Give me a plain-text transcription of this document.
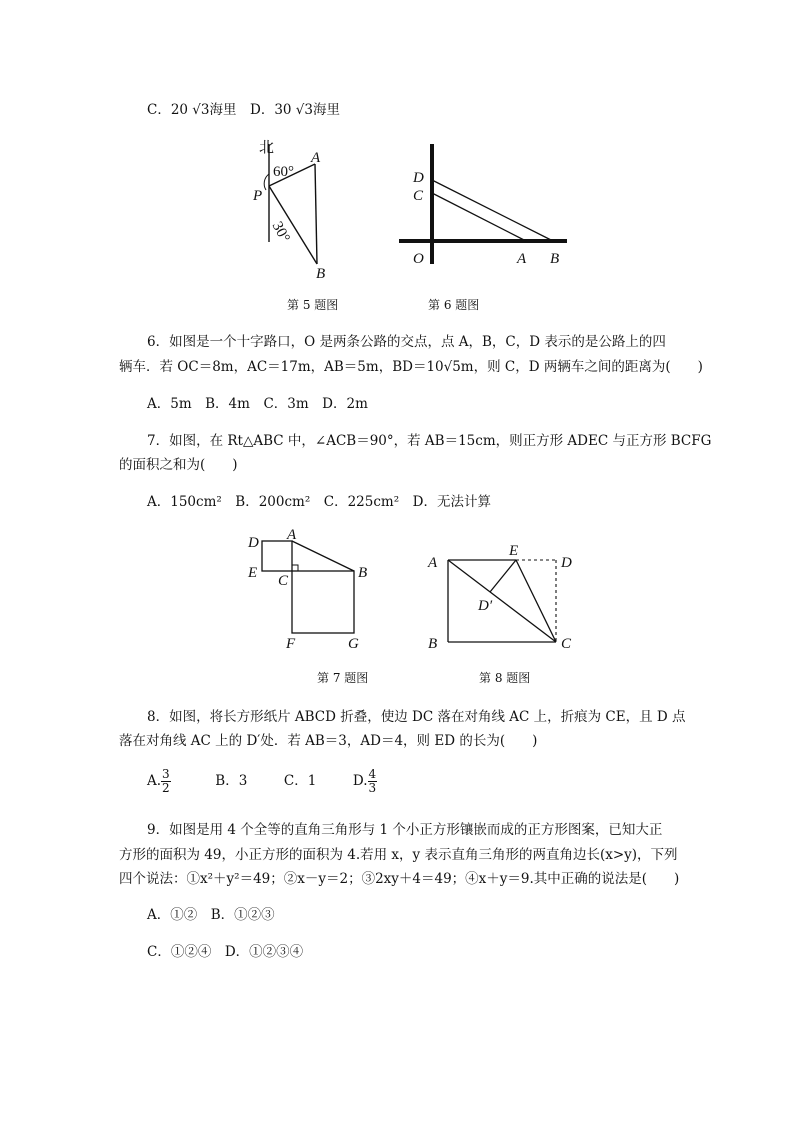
C．20 √3海里　D．30 √3海里
北
60°
30°
P
A
B
第 5 题图
D
C
O	A B
第 6 题图
6．如图是一个十字路口，O 是两条公路的交点，点 A，B，C，D 表示的是公路上的四
辆车．若 OC＝8m，AC＝17m，AB＝5m，BD＝10√5m，则 C，D 两辆车之间的距离为(　　)
A．5m　B．4m　C．3m　D．2m
7．如图，在 Rt△ABC 中，∠ACB＝90°，若 AB＝15cm，则正方形 ADEC 与正方形 BCFG
的面积之和为(　　)
A．150cm²　B．200cm²　C．225cm²　D．无法计算
A
B
C
D
E
F	G
第 7 题图
A
B	C
D
E
D′
第 8 题图
8．如图，将长方形纸片 ABCD 折叠，使边 DC 落在对角线 AC 上，折痕为 CE，且 D 点
落在对角线 AC 上的 D′处．若 AB＝3，AD＝4，则 ED 的长为(　　)
A. $\frac{3}{2}$	B．3	C．1	D. $\frac{4}{3}$
9．如图是用 4 个全等的直角三角形与 1 个小正方形镶嵌而成的正方形图案，已知大正
方形的面积为 49，小正方形的面积为 4.若用 x，y 表示直角三角形的两直角边长(x>y)，下列
四个说法：①x²＋y²＝49；②x－y＝2；③2xy＋4＝49；④x＋y＝9.其中正确的说法是(　　)
A．①②　B．①②③
C．①②④　D．①②③④
